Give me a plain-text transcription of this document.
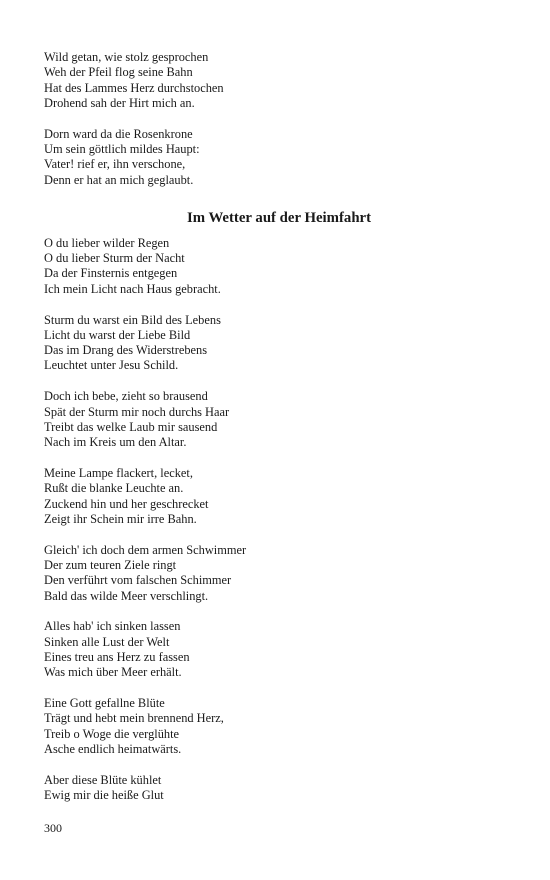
Wild getan, wie stolz gesprochen
Weh der Pfeil flog seine Bahn
Hat des Lammes Herz durchstochen
Drohend sah der Hirt mich an.
Dorn ward da die Rosenkrone
Um sein göttlich mildes Haupt:
Vater! rief er, ihn verschone,
Denn er hat an mich geglaubt.
Im Wetter auf der Heimfahrt
O du lieber wilder Regen
O du lieber Sturm der Nacht
Da der Finsternis entgegen
Ich mein Licht nach Haus gebracht.
Sturm du warst ein Bild des Lebens
Licht du warst der Liebe Bild
Das im Drang des Widerstrebens
Leuchtet unter Jesu Schild.
Doch ich bebe, zieht so brausend
Spät der Sturm mir noch durchs Haar
Treibt das welke Laub mir sausend
Nach im Kreis um den Altar.
Meine Lampe flackert, lecket,
Rußt die blanke Leuchte an.
Zuckend hin und her geschrecket
Zeigt ihr Schein mir irre Bahn.
Gleich' ich doch dem armen Schwimmer
Der zum teuren Ziele ringt
Den verführt vom falschen Schimmer
Bald das wilde Meer verschlingt.
Alles hab' ich sinken lassen
Sinken alle Lust der Welt
Eines treu ans Herz zu fassen
Was mich über Meer erhält.
Eine Gott gefallne Blüte
Trägt und hebt mein brennend Herz,
Treib o Woge die verglühte
Asche endlich heimatwärts.
Aber diese Blüte kühlet
Ewig mir die heiße Glut
300
